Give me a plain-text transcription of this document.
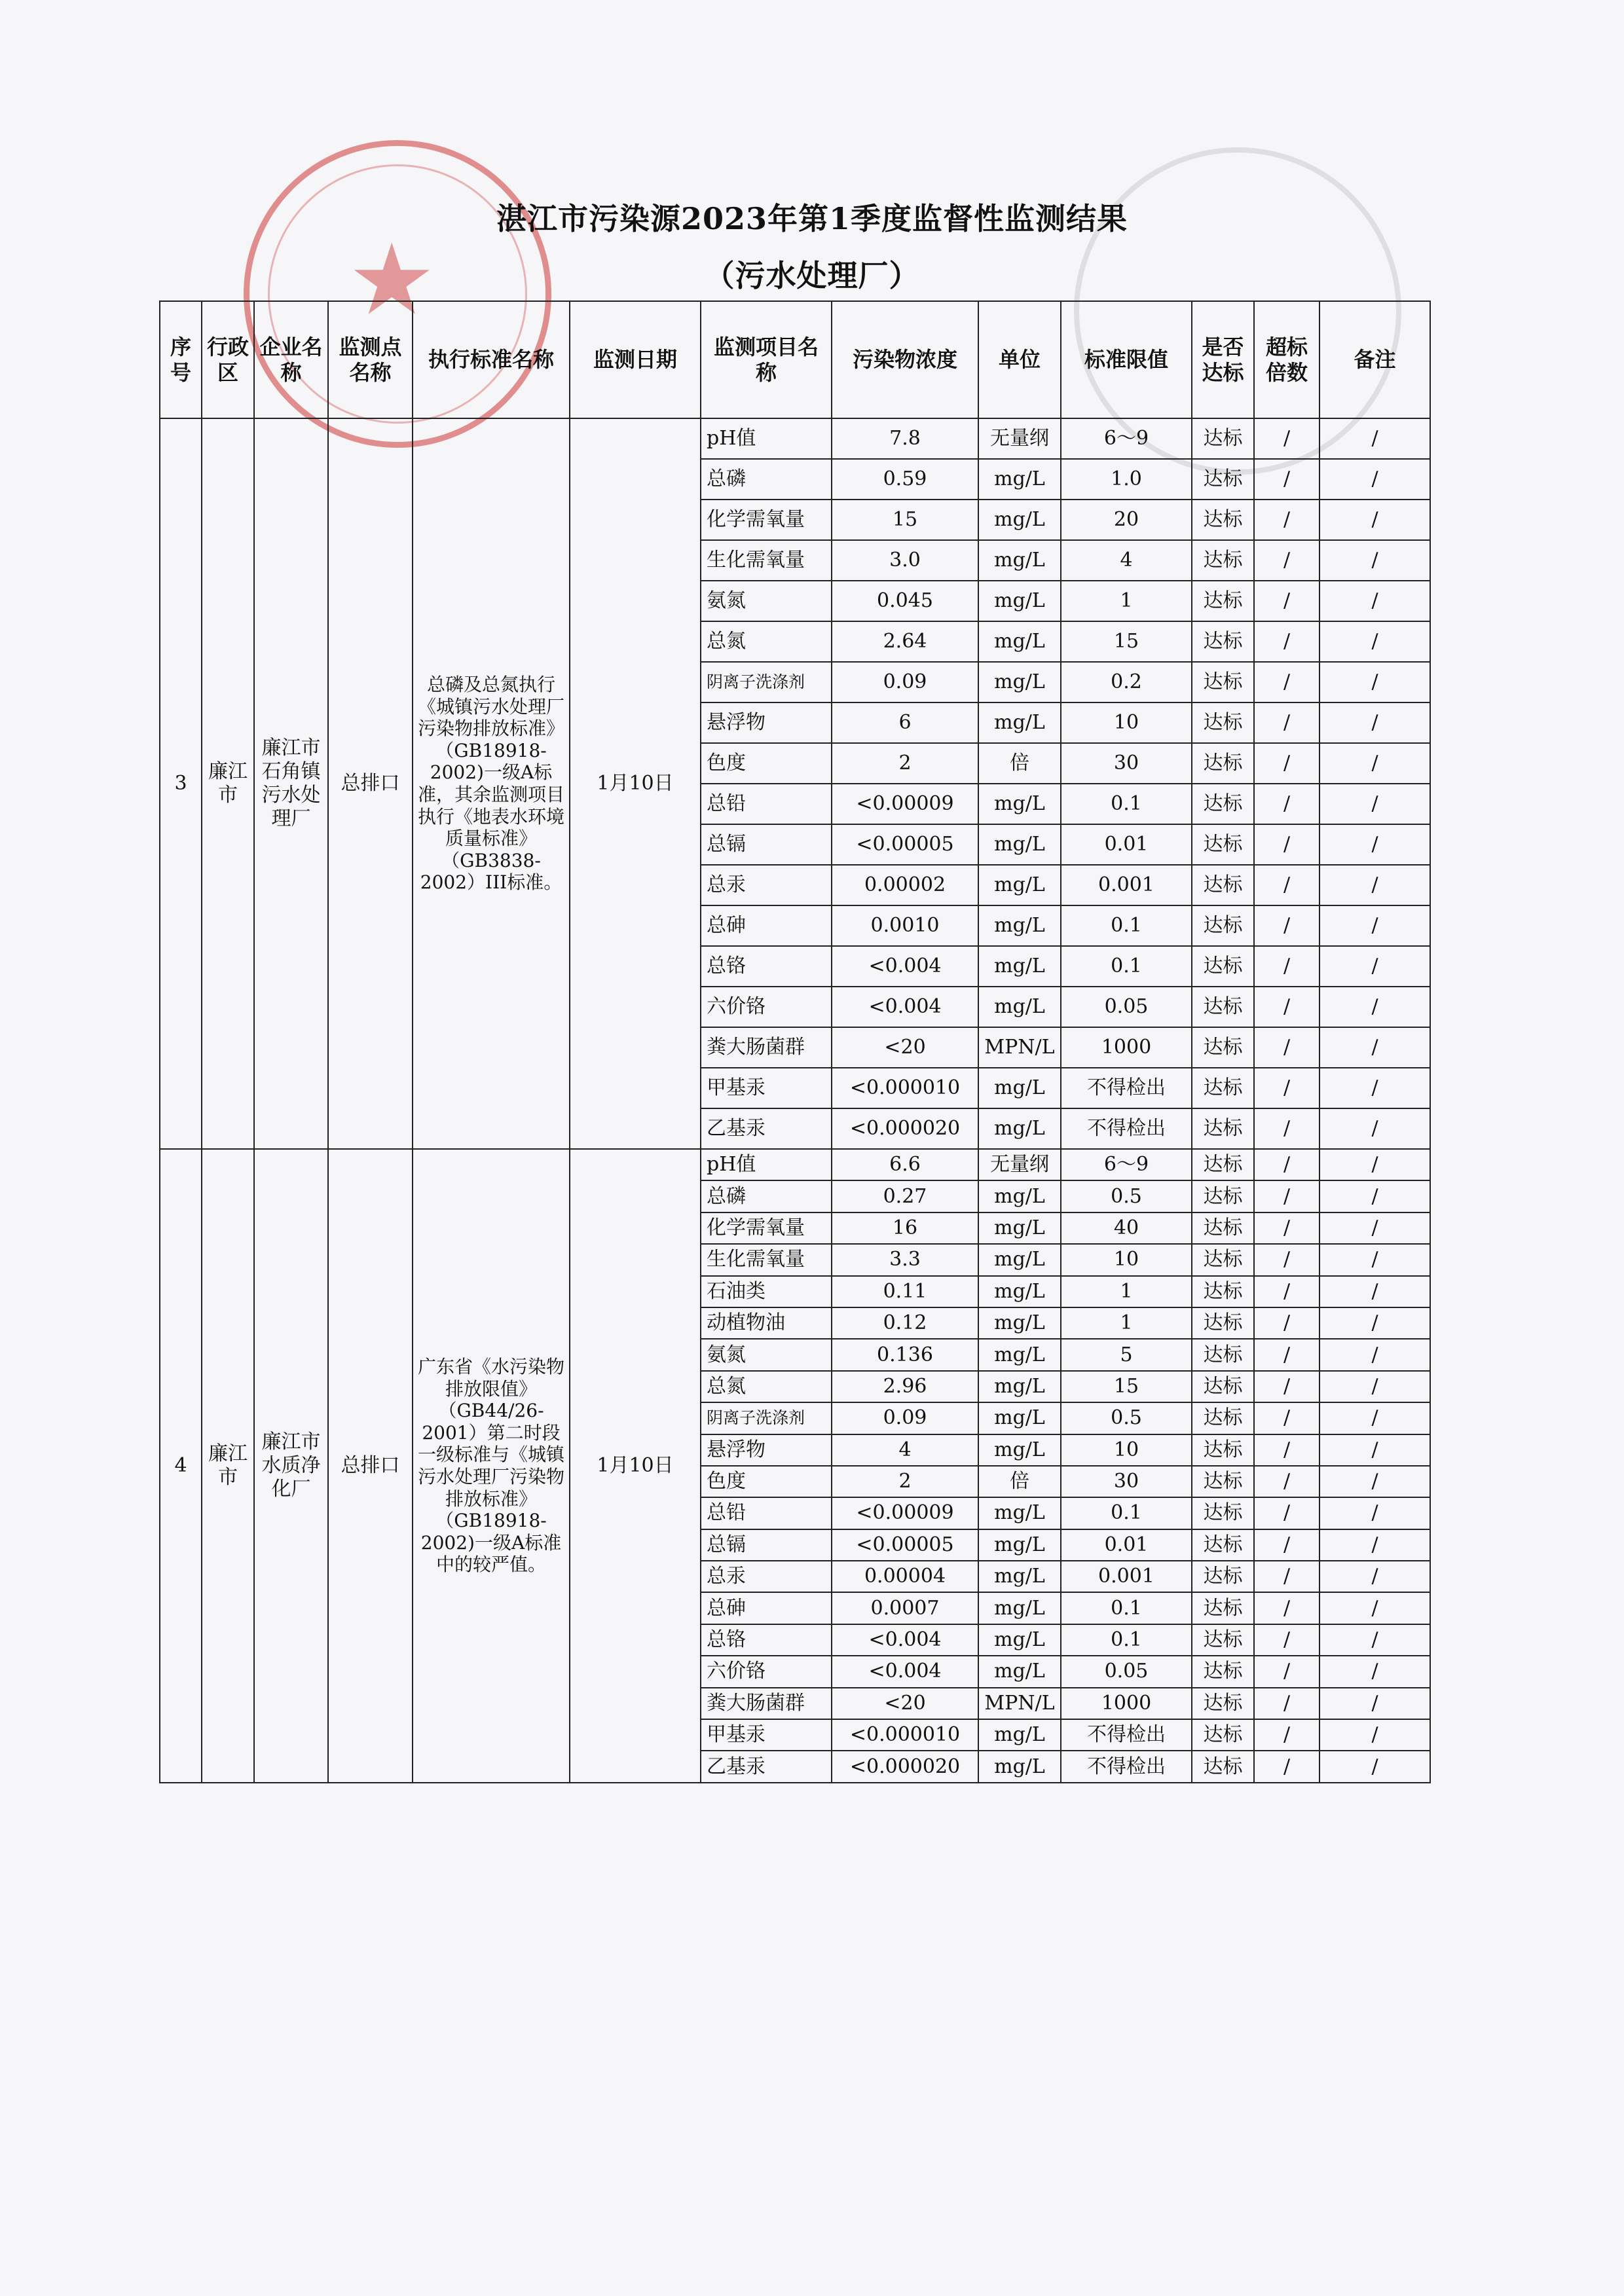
★
湛江市污染源2023年第1季度监督性监测结果
（污水处理厂）
序号	行政区	企业名称	监测点名称	执行标准名称	监测日期	监测项目名称	污染物浓度	单位	标准限值	是否达标	超标倍数	备注
3	廉江市	廉江市石角镇污水处理厂	总排口	总磷及总氮执行《城镇污水处理厂污染物排放标准》（GB18918-2002)一级A标准，其余监测项目执行《地表水环境质量标准》（GB3838-2002）III标准。	1月10日	pH值	7.8	无量纲	6～9	达标	/	/
						总磷	0.59	mg/L	1.0	达标	/	/
						化学需氧量	15	mg/L	20	达标	/	/
						生化需氧量	3.0	mg/L	4	达标	/	/
						氨氮	0.045	mg/L	1	达标	/	/
						总氮	2.64	mg/L	15	达标	/	/
						阴离子洗涤剂	0.09	mg/L	0.2	达标	/	/
						悬浮物	6	mg/L	10	达标	/	/
						色度	2	倍	30	达标	/	/
						总铅	<0.00009	mg/L	0.1	达标	/	/
						总镉	<0.00005	mg/L	0.01	达标	/	/
						总汞	0.00002	mg/L	0.001	达标	/	/
						总砷	0.0010	mg/L	0.1	达标	/	/
						总铬	<0.004	mg/L	0.1	达标	/	/
						六价铬	<0.004	mg/L	0.05	达标	/	/
						粪大肠菌群	<20	MPN/L	1000	达标	/	/
						甲基汞	<0.000010	mg/L	不得检出	达标	/	/
						乙基汞	<0.000020	mg/L	不得检出	达标	/	/
4	廉江市	廉江市水质净化厂	总排口	广东省《水污染物排放限值》（GB44/26-2001）第二时段一级标准与《城镇污水处理厂污染物排放标准》（GB18918-2002)一级A标准中的较严值。	1月10日	pH值	6.6	无量纲	6～9	达标	/	/
						总磷	0.27	mg/L	0.5	达标	/	/
						化学需氧量	16	mg/L	40	达标	/	/
						生化需氧量	3.3	mg/L	10	达标	/	/
						石油类	0.11	mg/L	1	达标	/	/
						动植物油	0.12	mg/L	1	达标	/	/
						氨氮	0.136	mg/L	5	达标	/	/
						总氮	2.96	mg/L	15	达标	/	/
						阴离子洗涤剂	0.09	mg/L	0.5	达标	/	/
						悬浮物	4	mg/L	10	达标	/	/
						色度	2	倍	30	达标	/	/
						总铅	<0.00009	mg/L	0.1	达标	/	/
						总镉	<0.00005	mg/L	0.01	达标	/	/
						总汞	0.00004	mg/L	0.001	达标	/	/
						总砷	0.0007	mg/L	0.1	达标	/	/
						总铬	<0.004	mg/L	0.1	达标	/	/
						六价铬	<0.004	mg/L	0.05	达标	/	/
						粪大肠菌群	<20	MPN/L	1000	达标	/	/
						甲基汞	<0.000010	mg/L	不得检出	达标	/	/
						乙基汞	<0.000020	mg/L	不得检出	达标	/	/
